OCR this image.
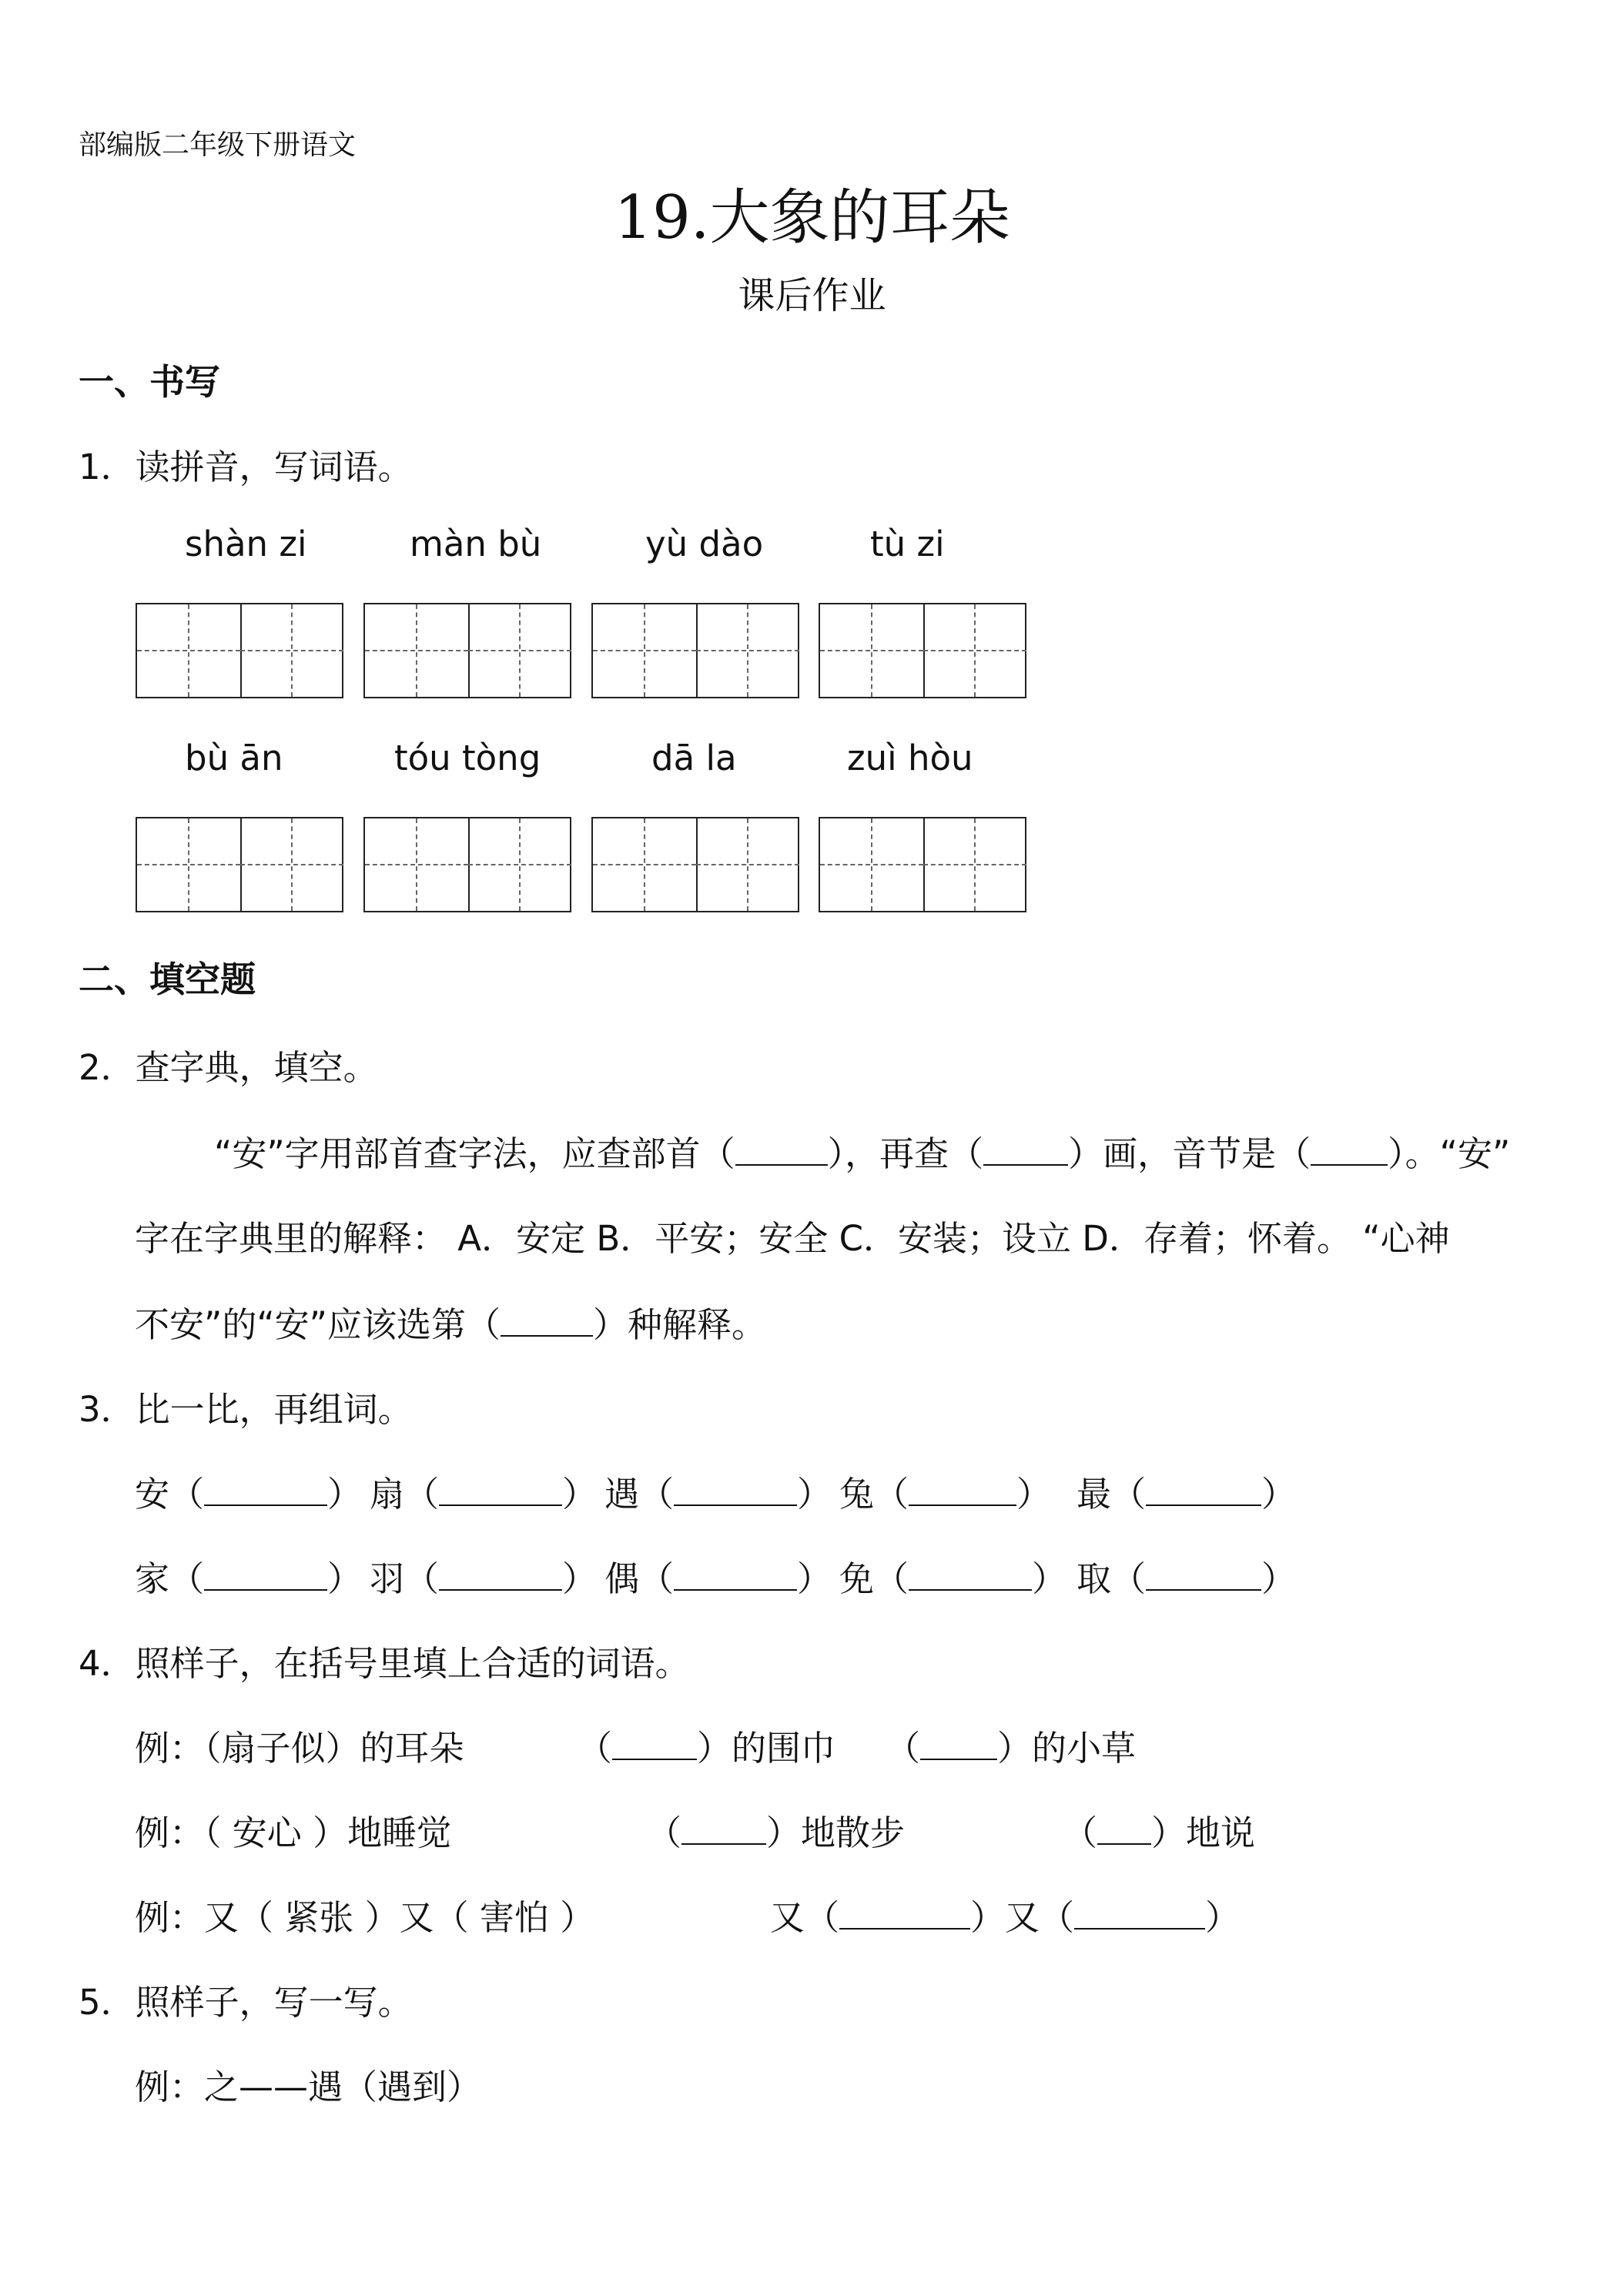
部编版二年级下册语文
19.大象的耳朵
课后作业
一、书写
1．读拼音，写词语。
shàn zi	màn bù	yù dào	tù zi
bù ān	tóu tòng	dā la	zuì hòu
二、填空题
2．查字典，填空。
“安”字用部首查字法，应查部首（	），再查（ ）画，音节是（ ）。“安”
字在字典里的解释： A．安定 B．平安；安全 C．安装；设立 D．存着；怀着。 “心神
不安”的“安”应该选第（	）种解释。
3．比一比，再组词。
安（	） 扇（	） 遇（	） 兔（	） 最（	）
家（	） 羽（	） 偶（	） 免（	） 取（	）
4．照样子，在括号里填上合适的词语。
例：（扇子似）的耳朵	（ ）的围巾 （ ）的小草
例：（ 安心 ）地睡觉	（ ）地散步	（ ）地说
例：又（ 紧张 ）又（ 害怕 ）	又（	）又（	）
5．照样子，写一写。
例：之——遇（遇到）
